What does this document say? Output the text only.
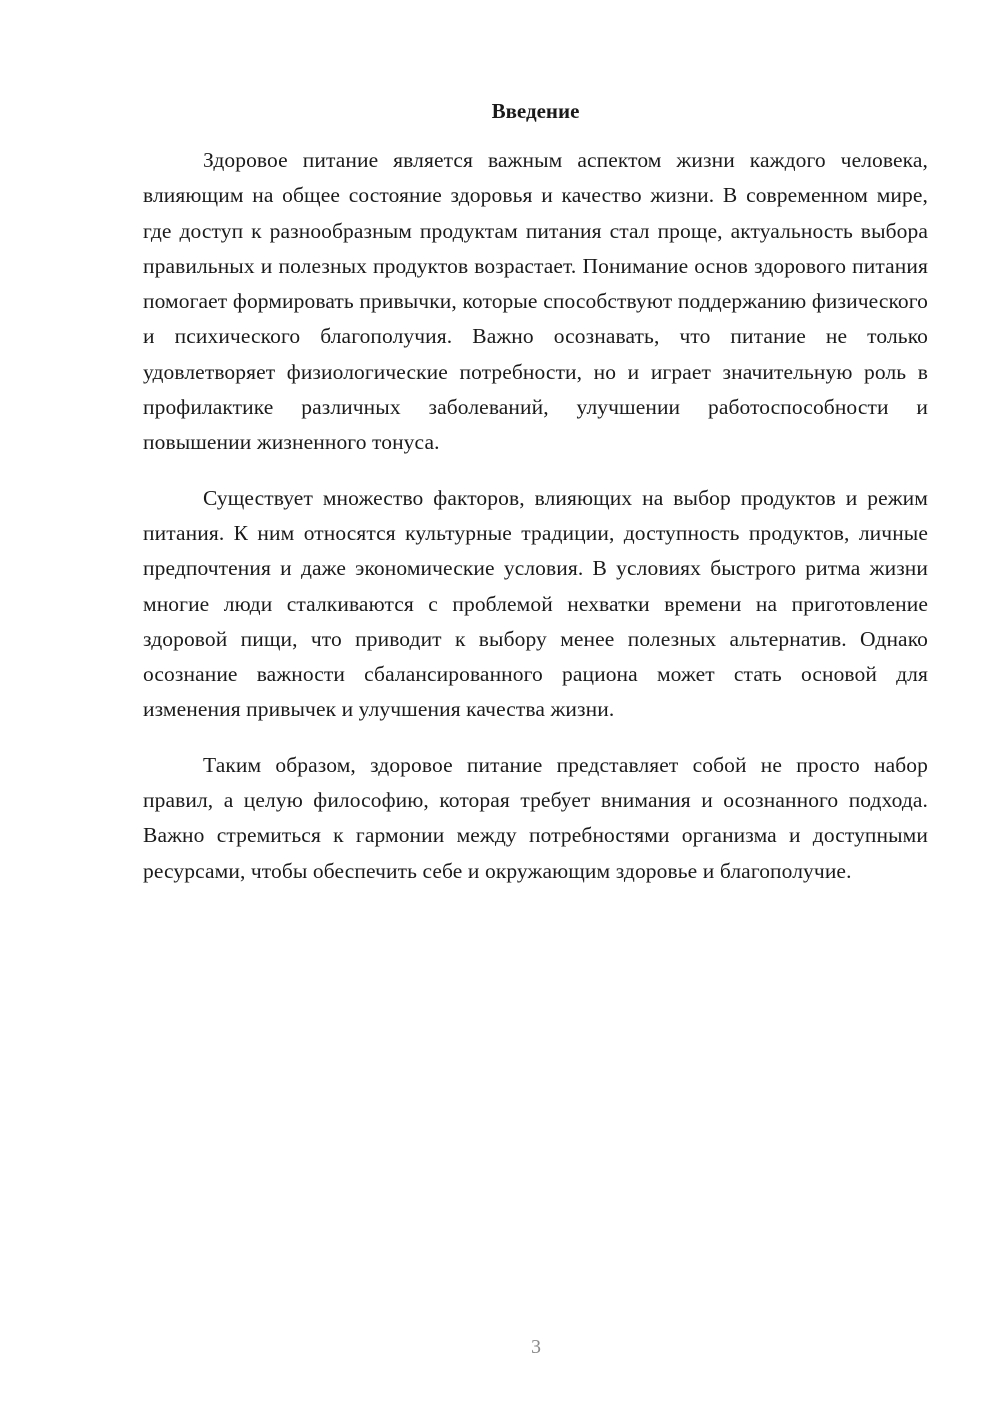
Введение

Здоровое питание является важным аспектом жизни каждого человека, влияющим на общее состояние здоровья и качество жизни. В современном мире, где доступ к разнообразным продуктам питания стал проще, актуальность выбора правильных и полезных продуктов возрастает. Понимание основ здорового питания помогает формировать привычки, которые способствуют поддержанию физического и психического благополучия. Важно осознавать, что питание не только удовлетворяет физиологические потребности, но и играет значительную роль в профилактике различных заболеваний, улучшении работоспособности и повышении жизненного тонуса.

Существует множество факторов, влияющих на выбор продуктов и режим питания. К ним относятся культурные традиции, доступность продуктов, личные предпочтения и даже экономические условия. В условиях быстрого ритма жизни многие люди сталкиваются с проблемой нехватки времени на приготовление здоровой пищи, что приводит к выбору менее полезных альтернатив. Однако осознание важности сбалансированного рациона может стать основой для изменения привычек и улучшения качества жизни.

Таким образом, здоровое питание представляет собой не просто набор правил, а целую философию, которая требует внимания и осознанного подхода. Важно стремиться к гармонии между потребностями организма и доступными ресурсами, чтобы обеспечить себе и окружающим здоровье и благополучие.

3
